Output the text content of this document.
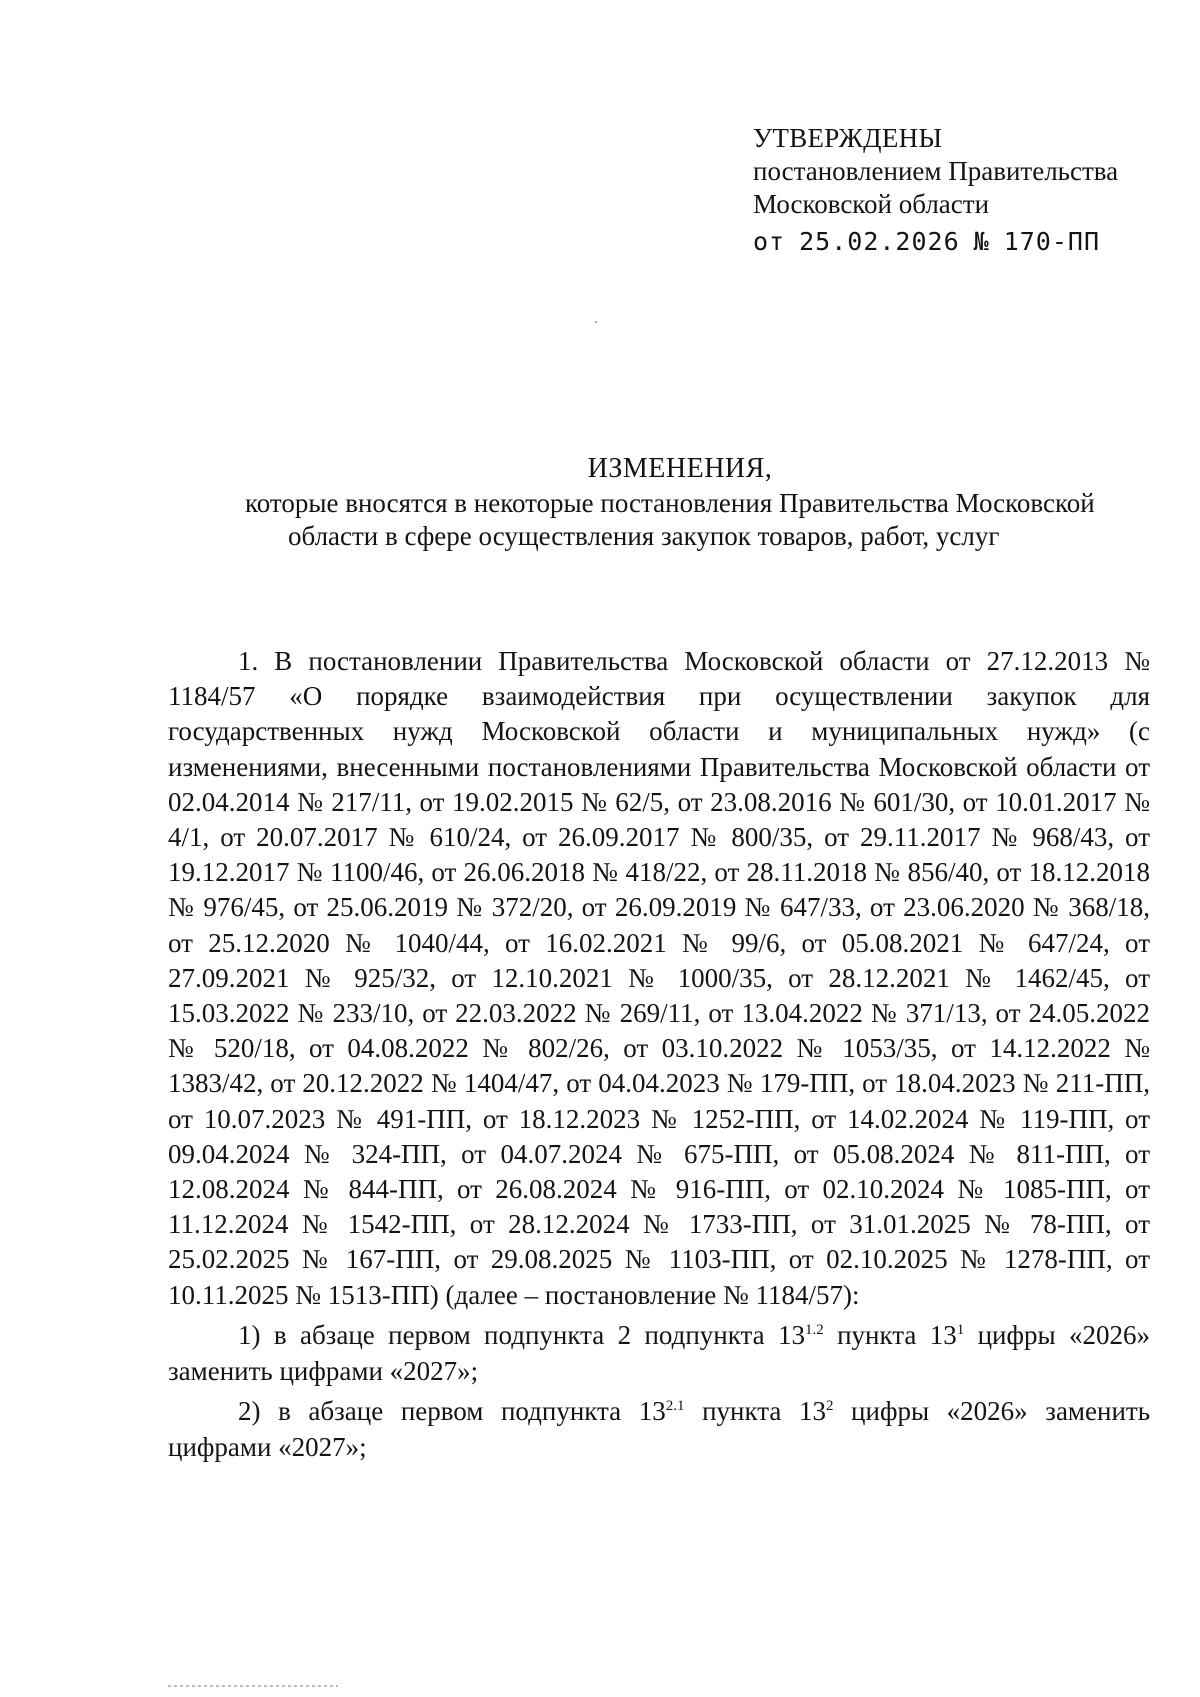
УТВЕРЖДЕНЫ
постановлением Правительства
Московской области
от 25.02.2026 № 170-ПП
ИЗМЕНЕНИЯ,
которые вносятся в некоторые постановления Правительства Московской
области в сфере осуществления закупок товаров, работ, услуг

1. В постановлении Правительства Московской области от 27.12.2013 № 1184/57 «О порядке взаимодействия при осуществлении закупок для государственных нужд Московской области и муниципальных нужд» (с изменениями, внесенными постановлениями Правительства Московской области от 02.04.2014 № 217/11, от 19.02.2015 № 62/5, от 23.08.2016 № 601/30, от 10.01.2017 № 4/1, от 20.07.2017 № 610/24, от 26.09.2017 № 800/35, от 29.11.2017 № 968/43, от 19.12.2017 № 1100/46, от 26.06.2018 № 418/22, от 28.11.2018 № 856/40, от 18.12.2018 № 976/45, от 25.06.2019 № 372/20, от 26.09.2019 № 647/33, от 23.06.2020 № 368/18, от 25.12.2020 № 1040/44, от 16.02.2021 № 99/6, от 05.08.2021 № 647/24, от 27.09.2021 № 925/32, от 12.10.2021 № 1000/35, от 28.12.2021 № 1462/45, от 15.03.2022 № 233/10, от 22.03.2022 № 269/11, от 13.04.2022 № 371/13, от 24.05.2022 № 520/18, от 04.08.2022 № 802/26, от 03.10.2022 № 1053/35, от 14.12.2022 № 1383/42, от 20.12.2022 № 1404/47, от 04.04.2023 № 179-ПП, от 18.04.2023 № 211-ПП, от 10.07.2023 № 491-ПП, от 18.12.2023 № 1252-ПП, от 14.02.2024 № 119-ПП, от 09.04.2024 № 324-ПП, от 04.07.2024 № 675-ПП, от 05.08.2024 № 811-ПП, от 12.08.2024 № 844-ПП, от 26.08.2024 № 916-ПП, от 02.10.2024 № 1085-ПП, от 11.12.2024 № 1542-ПП, от 28.12.2024 № 1733-ПП, от 31.01.2025 № 78-ПП, от 25.02.2025 № 167-ПП, от 29.08.2025 № 1103-ПП, от 02.10.2025 № 1278-ПП, от 10.11.2025 № 1513-ПП) (далее – постановление № 1184/57):

1) в абзаце первом подпункта 2 подпункта $13^{1.2}$ пункта $13^1$ цифры «2026» заменить цифрами «2027»;

2) в абзаце первом подпункта $13^{2.1}$ пункта $13^2$ цифры «2026» заменить цифрами «2027»;
